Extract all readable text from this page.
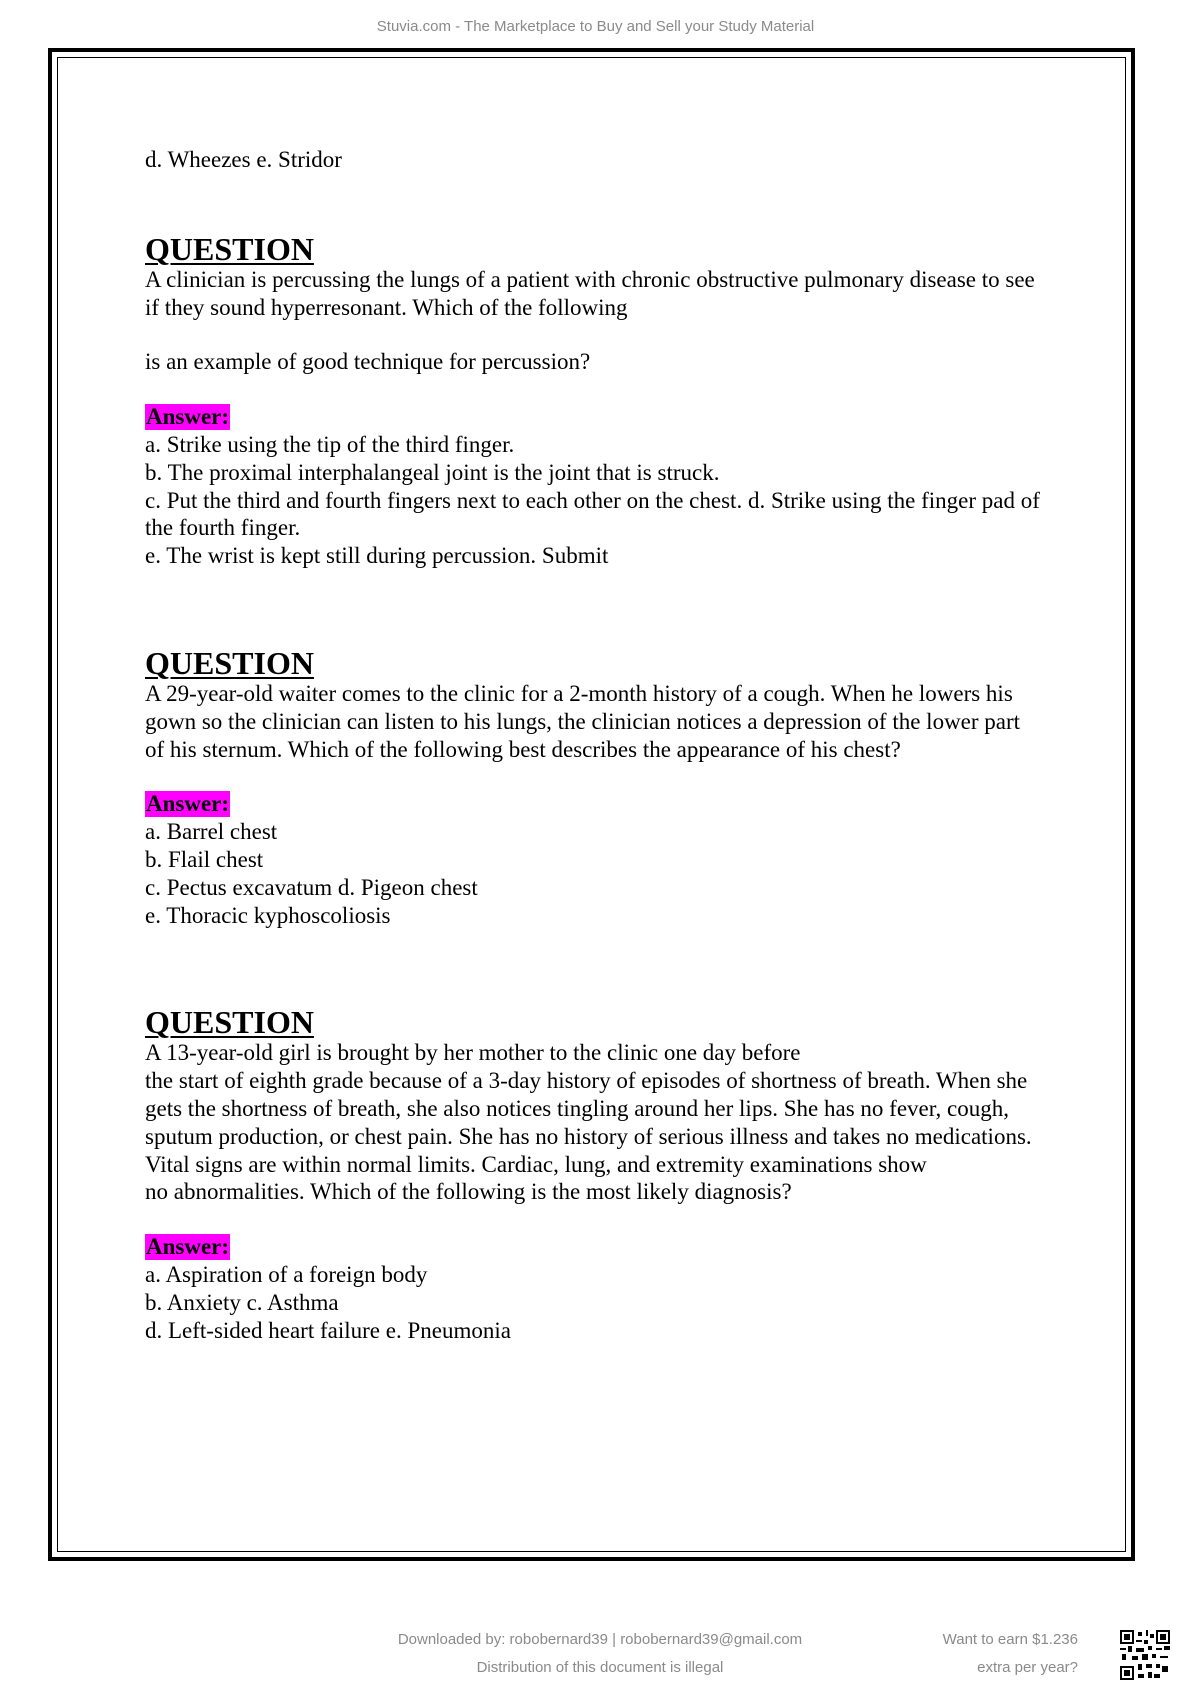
Stuvia.com - The Marketplace to Buy and Sell your Study Material

d. Wheezes e. Stridor

QUESTION

A clinician is percussing the lungs of a patient with chronic obstructive pulmonary disease to see

if they sound hyperresonant. Which of the following

is an example of good technique for percussion?

Answer:

a. Strike using the tip of the third finger.

b. The proximal interphalangeal joint is the joint that is struck.

c. Put the third and fourth fingers next to each other on the chest. d. Strike using the finger pad of

the fourth finger.

e. The wrist is kept still during percussion. Submit

QUESTION

A 29-year-old waiter comes to the clinic for a 2-month history of a cough. When he lowers his

gown so the clinician can listen to his lungs, the clinician notices a depression of the lower part

of his sternum. Which of the following best describes the appearance of his chest?

Answer:

a. Barrel chest

b. Flail chest

c. Pectus excavatum d. Pigeon chest

e. Thoracic kyphoscoliosis

QUESTION

A 13-year-old girl is brought by her mother to the clinic one day before

the start of eighth grade because of a 3-day history of episodes of shortness of breath. When she

gets the shortness of breath, she also notices tingling around her lips. She has no fever, cough,

sputum production, or chest pain. She has no history of serious illness and takes no medications.

Vital signs are within normal limits. Cardiac, lung, and extremity examinations show

no abnormalities. Which of the following is the most likely diagnosis?

Answer:

a. Aspiration of a foreign body

b. Anxiety c. Asthma

d. Left-sided heart failure e. Pneumonia

Downloaded by: robobernard39 | robobernard39@gmail.com	Want to earn $1.236
Distribution of this document is illegal	extra per year?
